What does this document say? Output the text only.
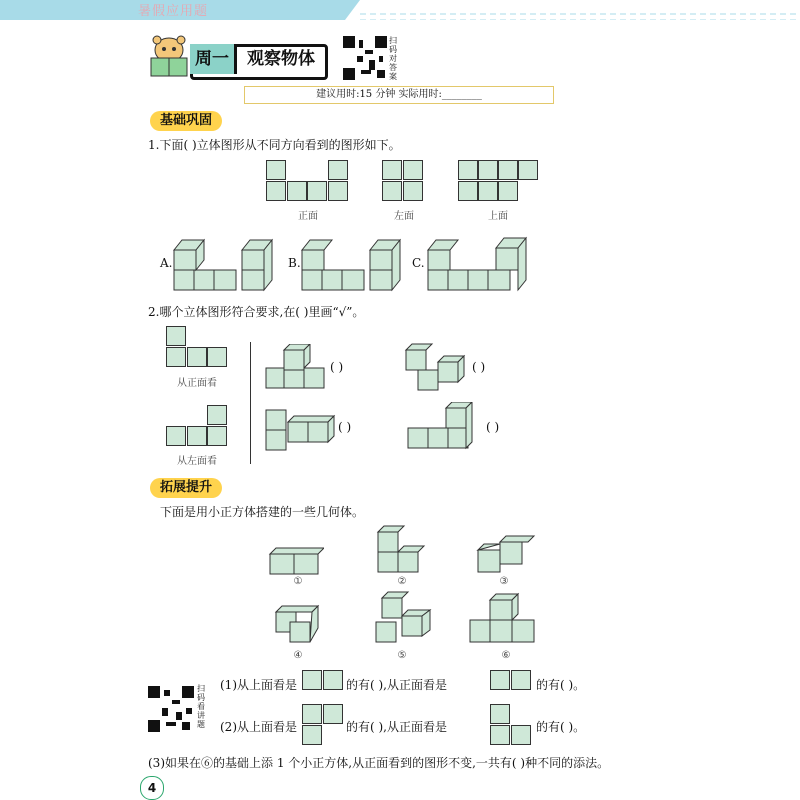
暑假应用题
周一	观察物体
扫码对答案
建议用时:15 分钟 实际用时:________
基础巩固
1.下面( )立体图形从不同方向看到的图形如下。
正面	左面	上面
A.	B.	C.
2.哪个立体图形符合要求,在( )里画“√”。
从正面看
从左面看
( )	( )
( )	( )
拓展提升
下面是用小正方体搭建的一些几何体。
①	②	③
④	⑤	⑥
扫码看讲题
(1)从上面看是	的有( ),从正面看是	的有( )。
(2)从上面看是	的有( ),从正面看是	的有( )。
(3)如果在⑥的基础上添 1 个小正方体,从正面看到的图形不变,一共有( )种不同的添法。
4
